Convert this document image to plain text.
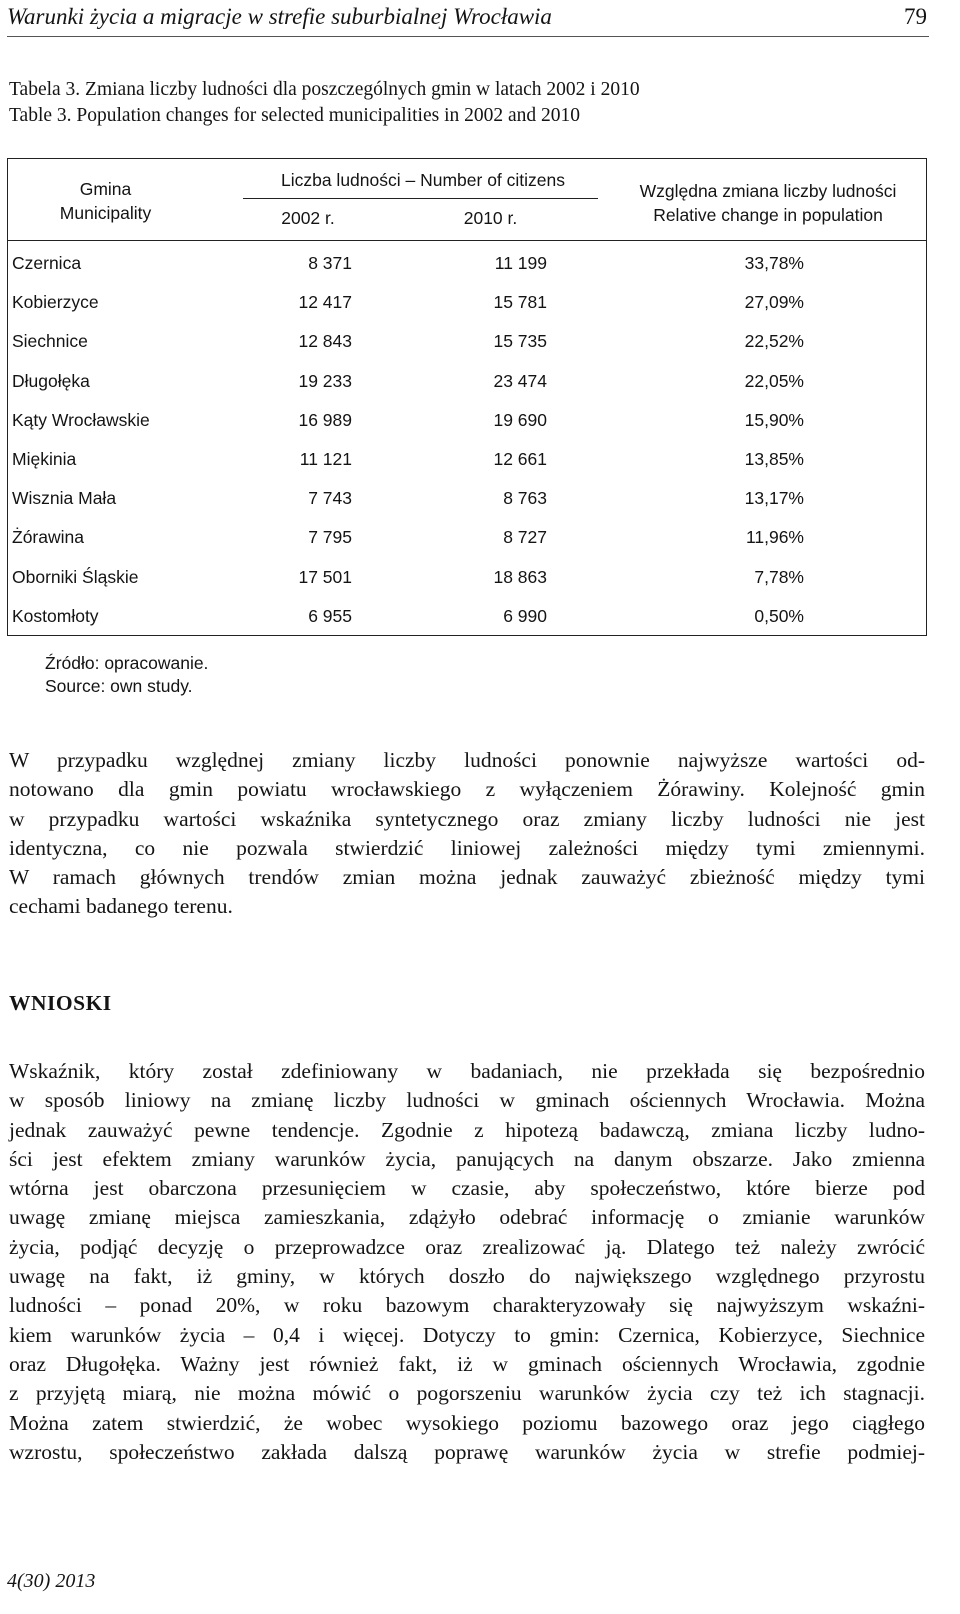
Warunki życia a migracje w strefie suburbialnej Wrocławia	79
Tabela 3. Zmiana liczby ludności dla poszczególnych gmin w latach 2002 i 2010
Table 3. Population changes for selected municipalities in 2002 and 2010
Gmina
Municipality
Liczba ludności – Number of citizens
2002 r.	2010 r.
Względna zmiana liczby ludności
Relative change in population
Czernica	8 371	11 199	33,78%
Kobierzyce	12 417	15 781	27,09%
Siechnice	12 843	15 735	22,52%
Długołęka	19 233	23 474	22,05%
Kąty Wrocławskie	16 989	19 690	15,90%
Miękinia	11 121	12 661	13,85%
Wisznia Mała	7 743	8 763	13,17%
Żórawina	7 795	8 727	11,96%
Oborniki Śląskie	17 501	18 863	7,78%
Kostomłoty	6 955	6 990	0,50%
Źródło: opracowanie.
Source: own study.
W przypadku względnej zmiany liczby ludności ponownie najwyższe wartości od-
notowano dla gmin powiatu wrocławskiego z wyłączeniem Żórawiny. Kolejność gmin
w przypadku wartości wskaźnika syntetycznego oraz zmiany liczby ludności nie jest
identyczna, co nie pozwala stwierdzić liniowej zależności między tymi zmiennymi.
W ramach głównych trendów zmian można jednak zauważyć zbieżność między tymi
cechami badanego terenu.
WNIOSKI
Wskaźnik, który został zdefiniowany w badaniach, nie przekłada się bezpośrednio
w sposób liniowy na zmianę liczby ludności w gminach ościennych Wrocławia. Można
jednak zauważyć pewne tendencje. Zgodnie z hipotezą badawczą, zmiana liczby ludno-
ści jest efektem zmiany warunków życia, panujących na danym obszarze. Jako zmienna
wtórna jest obarczona przesunięciem w czasie, aby społeczeństwo, które bierze pod
uwagę zmianę miejsca zamieszkania, zdążyło odebrać informację o zmianie warunków
życia, podjąć decyzję o przeprowadzce oraz zrealizować ją. Dlatego też należy zwrócić
uwagę na fakt, iż gminy, w których doszło do największego względnego przyrostu
ludności – ponad 20%, w roku bazowym charakteryzowały się najwyższym wskaźni-
kiem warunków życia – 0,4 i więcej. Dotyczy to gmin: Czernica, Kobierzyce, Siechnice
oraz Długołęka. Ważny jest również fakt, iż w gminach ościennych Wrocławia, zgodnie
z przyjętą miarą, nie można mówić o pogorszeniu warunków życia czy też ich stagnacji.
Można zatem stwierdzić, że wobec wysokiego poziomu bazowego oraz jego ciągłego
wzrostu, społeczeństwo zakłada dalszą poprawę warunków życia w strefie podmiej-
4(30) 2013
